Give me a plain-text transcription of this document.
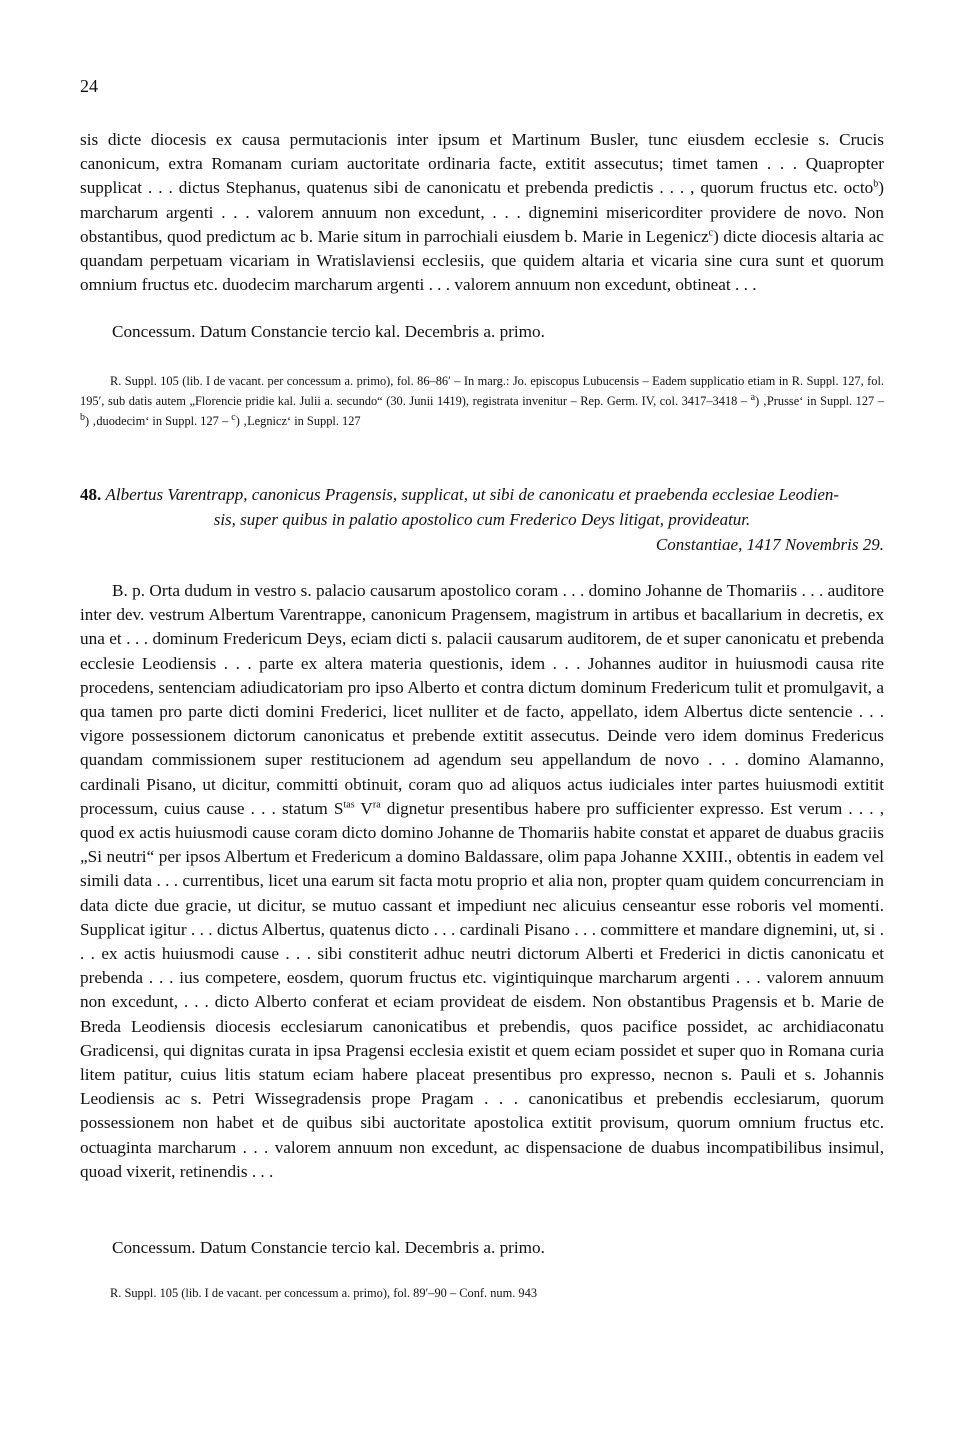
24
sis dicte diocesis ex causa permutacionis inter ipsum et Martinum Busler, tunc eiusdem ecclesie s. Crucis canonicum, extra Romanam curiam auctoritate ordinaria facte, extitit assecutus; timet tamen . . . Quapropter supplicat . . . dictus Stephanus, quatenus sibi de canonicatu et prebenda predictis . . . , quorum fructus etc. octo$^b$) marcharum argenti . . . valorem annuum non excedunt, . . . dignemini misericorditer providere de novo. Non obstantibus, quod predictum ac b. Marie situm in parrochiali eiusdem b. Marie in Legenicz$^c$) dicte diocesis altaria ac quandam perpetuam vicariam in Wratislaviensi ecclesiis, que quidem altaria et vicaria sine cura sunt et quorum omnium fructus etc. duodecim marcharum argenti . . . valorem annuum non excedunt, obtineat . . .

Concessum. Datum Constancie tercio kal. Decembris a. primo.

R. Suppl. 105 (lib. I de vacant. per concessum a. primo), fol. 86–86′ – In marg.: Jo. episcopus Lubucensis – Eadem supplicatio etiam in R. Suppl. 127, fol. 195′, sub datis autem „Florencie pridie kal. Julii a. secundo“ (30. Junii 1419), registrata invenitur – Rep. Germ. IV, col. 3417–3418 – $^a$) ‚Prusse‘ in Suppl. 127 – $^b$) ‚duodecim‘ in Suppl. 127 – $^c$) ‚Legnicz‘ in Suppl. 127
48. Albertus Varentrapp, canonicus Pragensis, supplicat, ut sibi de canonicatu et praebenda ecclesiae Leodien-
sis, super quibus in palatio apostolico cum Frederico Deys litigat, provideatur.
Constantiae, 1417 Novembris 29.
B. p. Orta dudum in vestro s. palacio causarum apostolico coram . . . domino Johanne de Thomariis . . . auditore inter dev. vestrum Albertum Varentrappe, canonicum Pragensem, magistrum in artibus et bacallarium in decretis, ex una et . . . dominum Fredericum Deys, eciam dicti s. palacii causarum auditorem, de et super canonicatu et prebenda ecclesie Leodiensis . . . parte ex altera materia questionis, idem . . . Johannes auditor in huiusmodi causa rite procedens, sentenciam adiudicatoriam pro ipso Alberto et contra dictum dominum Fredericum tulit et promulgavit, a qua tamen pro parte dicti domini Frederici, licet nulliter et de facto, appellato, idem Albertus dicte sentencie . . . vigore possessionem dictorum canonicatus et prebende extitit assecutus. Deinde vero idem dominus Fredericus quandam commissionem super restitucionem ad agendum seu appellandum de novo . . . domino Alamanno, cardinali Pisano, ut dicitur, committi obtinuit, coram quo ad aliquos actus iudiciales inter partes huiusmodi extitit processum, cuius cause . . . statum $S^{tas}$ $V^{ra}$ dignetur presentibus habere pro sufficienter expresso. Est verum . . . , quod ex actis huiusmodi cause coram dicto domino Johanne de Thomariis habite constat et apparet de duabus graciis „Si neutri“ per ipsos Albertum et Fredericum a domino Baldassare, olim papa Johanne XXIII., obtentis in eadem vel simili data . . . currentibus, licet una earum sit facta motu proprio et alia non, propter quam quidem concurrenciam in data dicte due gracie, ut dicitur, se mutuo cassant et impediunt nec alicuius censeantur esse roboris vel momenti. Supplicat igitur . . . dictus Albertus, quatenus dicto . . . cardinali Pisano . . . committere et mandare dignemini, ut, si . . . ex actis huiusmodi cause . . . sibi constiterit adhuc neutri dictorum Alberti et Frederici in dictis canonicatu et prebenda . . . ius competere, eosdem, quorum fructus etc. vigintiquinque marcharum argenti . . . valorem annuum non excedunt, . . . dicto Alberto conferat et eciam provideat de eisdem. Non obstantibus Pragensis et b. Marie de Breda Leodiensis diocesis ecclesiarum canonicatibus et prebendis, quos pacifice possidet, ac archidiaconatu Gradicensi, qui dignitas curata in ipsa Pragensi ecclesia existit et quem eciam possidet et super quo in Romana curia litem patitur, cuius litis statum eciam habere placeat presentibus pro expresso, necnon s. Pauli et s. Johannis Leodiensis ac s. Petri Wissegradensis prope Pragam . . . canonicatibus et prebendis ecclesiarum, quorum possessionem non habet et de quibus sibi auctoritate apostolica extitit provisum, quorum omnium fructus etc. octuaginta marcharum . . . valorem annuum non excedunt, ac dispensacione de duabus incompatibilibus insimul, quoad vixerit, retinendis . . .

Concessum. Datum Constancie tercio kal. Decembris a. primo.

R. Suppl. 105 (lib. I de vacant. per concessum a. primo), fol. 89′–90 – Conf. num. 943
